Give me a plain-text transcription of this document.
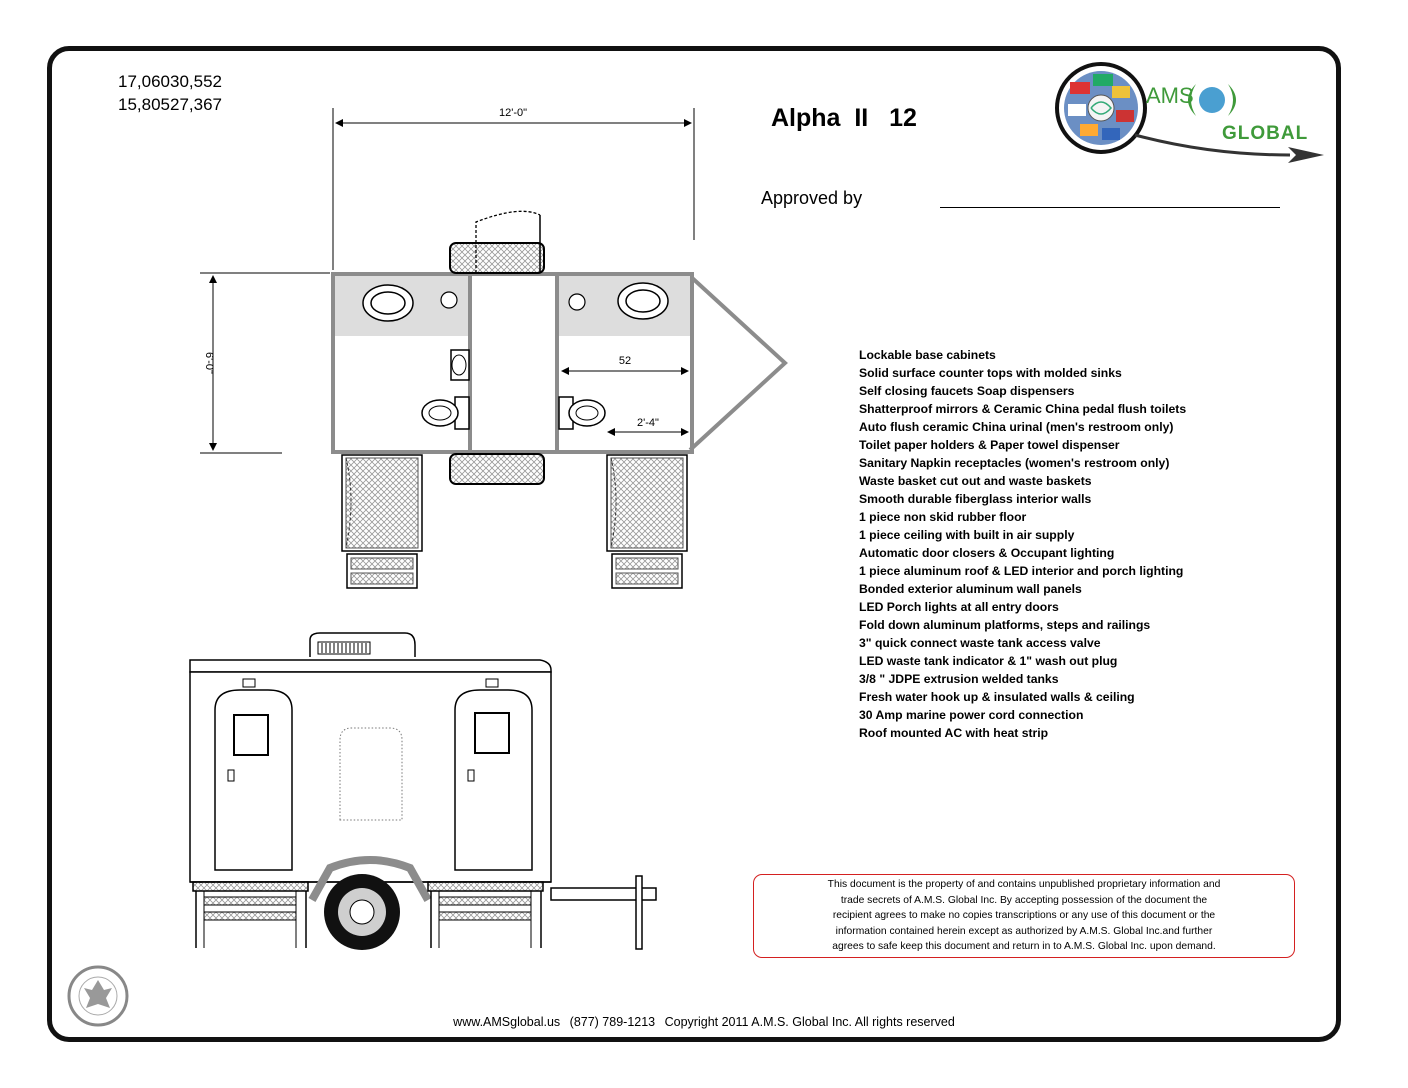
17,06030,552
15,80527,367	Alpha II 12
Approved by
AMS
GLOBAL
12'-0"
6'-0"	52
2'-4"
Lockable base cabinets
Solid surface counter tops with molded sinks
Self closing faucets Soap dispensers
Shatterproof mirrors & Ceramic China pedal flush toilets
Auto flush ceramic China urinal (men's restroom only)
Toilet paper holders & Paper towel dispenser
Sanitary Napkin receptacles (women's restroom only)
Waste basket cut out and waste baskets
Smooth durable fiberglass interior walls
1 piece non skid rubber floor
1 piece ceiling with built in air supply
Automatic door closers & Occupant lighting
1 piece aluminum roof & LED interior and porch lighting
Bonded exterior aluminum wall panels
LED Porch lights at all entry doors
Fold down aluminum platforms, steps and railings
3" quick connect waste tank access valve
LED waste tank indicator & 1" wash out plug
3/8 " JDPE extrusion welded tanks
Fresh water hook up & insulated walls & ceiling
30 Amp marine power cord connection
Roof mounted AC with heat strip
This document is the property of and contains unpublished proprietary information and
trade secrets of A.M.S. Global Inc. By accepting possession of the document the
recipient agrees to make no copies transcriptions or any use of this document or the
information contained herein except as authorized by A.M.S. Global Inc.and further
agrees to safe keep this document and return in to A.M.S. Global Inc. upon demand.
www.AMSglobal.us (877) 789-1213 Copyright 2011 A.M.S. Global Inc. All rights reserved
